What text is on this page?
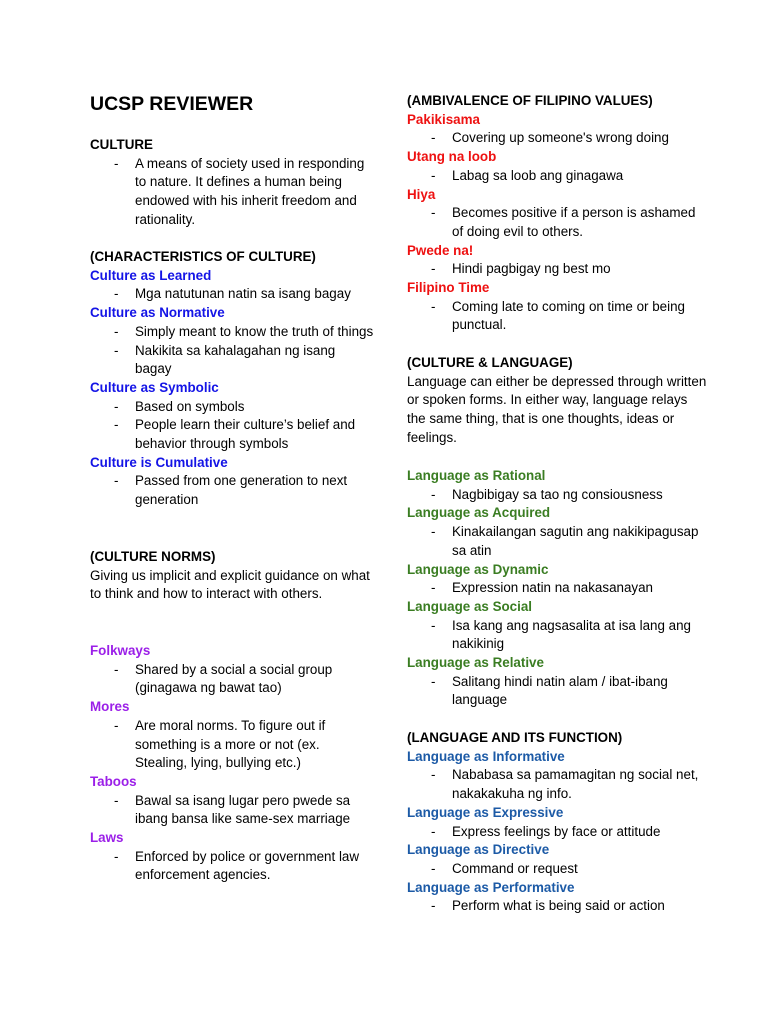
UCSP REVIEWER

CULTURE

- A means of society used in responding to nature. It defines a human being endowed with his inherit freedom and rationality.

(CHARACTERISTICS OF CULTURE)

Culture as Learned

- Mga natutunan natin sa isang bagay

Culture as Normative

- Simply meant to know the truth of things
- Nakikita sa kahalagahan ng isang bagay

Culture as Symbolic

- Based on symbols
- People learn their culture’s belief and behavior through symbols

Culture is Cumulative

- Passed from one generation to next generation

(CULTURE NORMS)

Giving us implicit and explicit guidance on what to think and how to interact with others.

Folkways

- Shared by a social a social group (ginagawa ng bawat tao)

Mores

- Are moral norms. To figure out if something is a more or not (ex. Stealing, lying, bullying etc.)

Taboos

- Bawal sa isang lugar pero pwede sa ibang bansa like same-sex marriage

Laws

- Enforced by police or government law enforcement agencies.

(AMBIVALENCE OF FILIPINO VALUES)

Pakikisama

- Covering up someone's wrong doing

Utang na loob

- Labag sa loob ang ginagawa

Hiya

- Becomes positive if a person is ashamed of doing evil to others.

Pwede na!

- Hindi pagbigay ng best mo

Filipino Time

- Coming late to coming on time or being punctual.

(CULTURE & LANGUAGE)

Language can either be depressed through written or spoken forms. In either way, language relays the same thing, that is one thoughts, ideas or feelings.

Language as Rational

- Nagbibigay sa tao ng consiousness

Language as Acquired

- Kinakailangan sagutin ang nakikipagusap sa atin

Language as Dynamic

- Expression natin na nakasanayan

Language as Social

- Isa kang ang nagsasalita at isa lang ang nakikinig

Language as Relative

- Salitang hindi natin alam / ibat-ibang language

(LANGUAGE AND ITS FUNCTION)

Language as Informative

- Nababasa sa pamamagitan ng social net, nakakakuha ng info.

Language as Expressive

- Express feelings by face or attitude

Language as Directive

- Command or request

Language as Performative

- Perform what is being said or action
